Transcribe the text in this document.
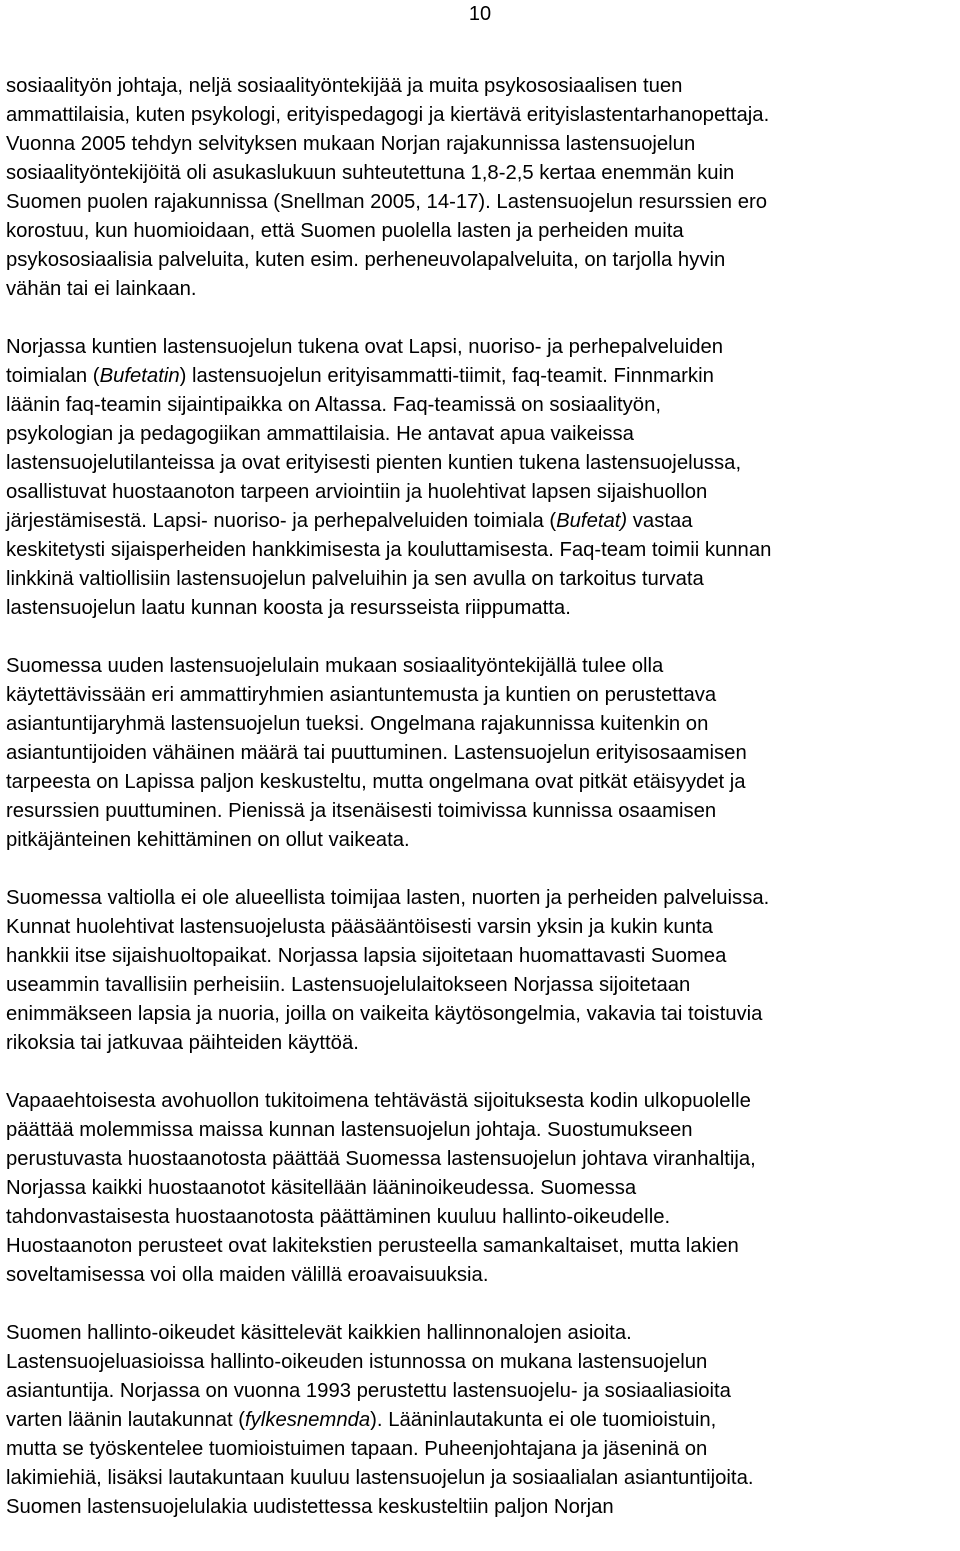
10
sosiaalityön johtaja, neljä sosiaalityöntekijää ja muita psykososiaalisen tuen
ammattilaisia, kuten psykologi, erityispedagogi ja kiertävä erityislastentarhanopettaja.
Vuonna 2005 tehdyn selvityksen mukaan Norjan rajakunnissa lastensuojelun
sosiaalityöntekijöitä oli asukaslukuun suhteutettuna 1,8-2,5 kertaa enemmän kuin
Suomen puolen rajakunnissa (Snellman 2005, 14-17). Lastensuojelun resurssien ero
korostuu, kun huomioidaan, että Suomen puolella lasten ja perheiden muita
psykososiaalisia palveluita, kuten esim. perheneuvolapalveluita, on tarjolla hyvin
vähän tai ei lainkaan.
Norjassa kuntien lastensuojelun tukena ovat Lapsi, nuoriso- ja perhepalveluiden
toimialan (Bufetatin) lastensuojelun erityisammatti-tiimit, faq-teamit. Finnmarkin
läänin faq-teamin sijaintipaikka on Altassa. Faq-teamissä on sosiaalityön,
psykologian ja pedagogiikan ammattilaisia. He antavat apua vaikeissa
lastensuojelutilanteissa ja ovat erityisesti pienten kuntien tukena lastensuojelussa,
osallistuvat huostaanoton tarpeen arviointiin ja huolehtivat lapsen sijaishuollon
järjestämisestä. Lapsi- nuoriso- ja perhepalveluiden toimiala (Bufetat) vastaa
keskitetysti sijaisperheiden hankkimisesta ja kouluttamisesta. Faq-team toimii kunnan
linkkinä valtiollisiin lastensuojelun palveluihin ja sen avulla on tarkoitus turvata
lastensuojelun laatu kunnan koosta ja resursseista riippumatta.
Suomessa uuden lastensuojelulain mukaan sosiaalityöntekijällä tulee olla
käytettävissään eri ammattiryhmien asiantuntemusta ja kuntien on perustettava
asiantuntijaryhmä lastensuojelun tueksi. Ongelmana rajakunnissa kuitenkin on
asiantuntijoiden vähäinen määrä tai puuttuminen. Lastensuojelun erityisosaamisen
tarpeesta on Lapissa paljon keskusteltu, mutta ongelmana ovat pitkät etäisyydet ja
resurssien puuttuminen. Pienissä ja itsenäisesti toimivissa kunnissa osaamisen
pitkäjänteinen kehittäminen on ollut vaikeata.
Suomessa valtiolla ei ole alueellista toimijaa lasten, nuorten ja perheiden palveluissa.
Kunnat huolehtivat lastensuojelusta pääsääntöisesti varsin yksin ja kukin kunta
hankkii itse sijaishuoltopaikat. Norjassa lapsia sijoitetaan huomattavasti Suomea
useammin tavallisiin perheisiin. Lastensuojelulaitokseen Norjassa sijoitetaan
enimmäkseen lapsia ja nuoria, joilla on vaikeita käytösongelmia, vakavia tai toistuvia
rikoksia tai jatkuvaa päihteiden käyttöä.
Vapaaehtoisesta avohuollon tukitoimena tehtävästä sijoituksesta kodin ulkopuolelle
päättää molemmissa maissa kunnan lastensuojelun johtaja. Suostumukseen
perustuvasta huostaanotosta päättää Suomessa lastensuojelun johtava viranhaltija,
Norjassa kaikki huostaanotot käsitellään lääninoikeudessa. Suomessa
tahdonvastaisesta huostaanotosta päättäminen kuuluu hallinto-oikeudelle.
Huostaanoton perusteet ovat lakitekstien perusteella samankaltaiset, mutta lakien
soveltamisessa voi olla maiden välillä eroavaisuuksia.
Suomen hallinto-oikeudet käsittelevät kaikkien hallinnonalojen asioita.
Lastensuojeluasioissa hallinto-oikeuden istunnossa on mukana lastensuojelun
asiantuntija. Norjassa on vuonna 1993 perustettu lastensuojelu- ja sosiaaliasioita
varten läänin lautakunnat (fylkesnemnda). Lääninlautakunta ei ole tuomioistuin,
mutta se työskentelee tuomioistuimen tapaan. Puheenjohtajana ja jäseninä on
lakimiehiä, lisäksi lautakuntaan kuuluu lastensuojelun ja sosiaalialan asiantuntijoita.
Suomen lastensuojelulakia uudistettessa keskusteltiin paljon Norjan
